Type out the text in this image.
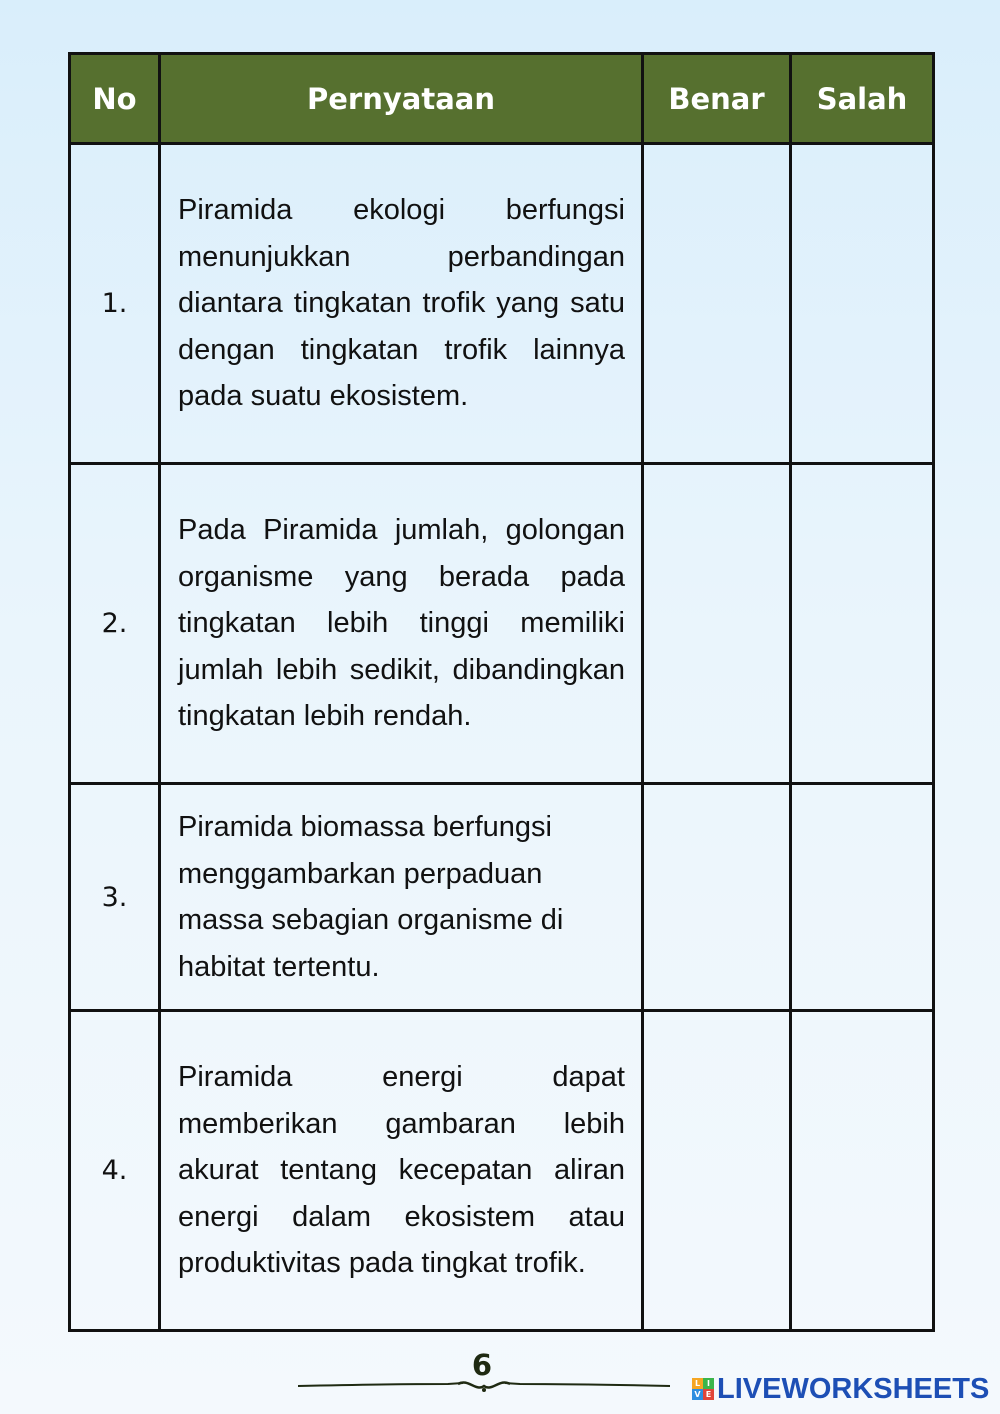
No	Pernyataan	Benar	Salah
1.	Piramida ekologi berfungsi menunjukkan perbandingan diantara tingkatan trofik yang satu dengan tingkatan trofik lainnya pada suatu ekosistem.		
2.	Pada Piramida jumlah, golongan organisme yang berada pada tingkatan lebih tinggi memiliki jumlah lebih sedikit, dibandingkan tingkatan lebih rendah.		
3.	Piramida biomassa berfungsi menggambarkan perpaduan massa sebagian organisme di habitat tertentu.		
4.	Piramida energi dapat memberikan gambaran lebih akurat tentang kecepatan aliran energi dalam ekosistem atau produktivitas pada tingkat trofik.		
6
L I
V E LIVEWORKSHEETS
